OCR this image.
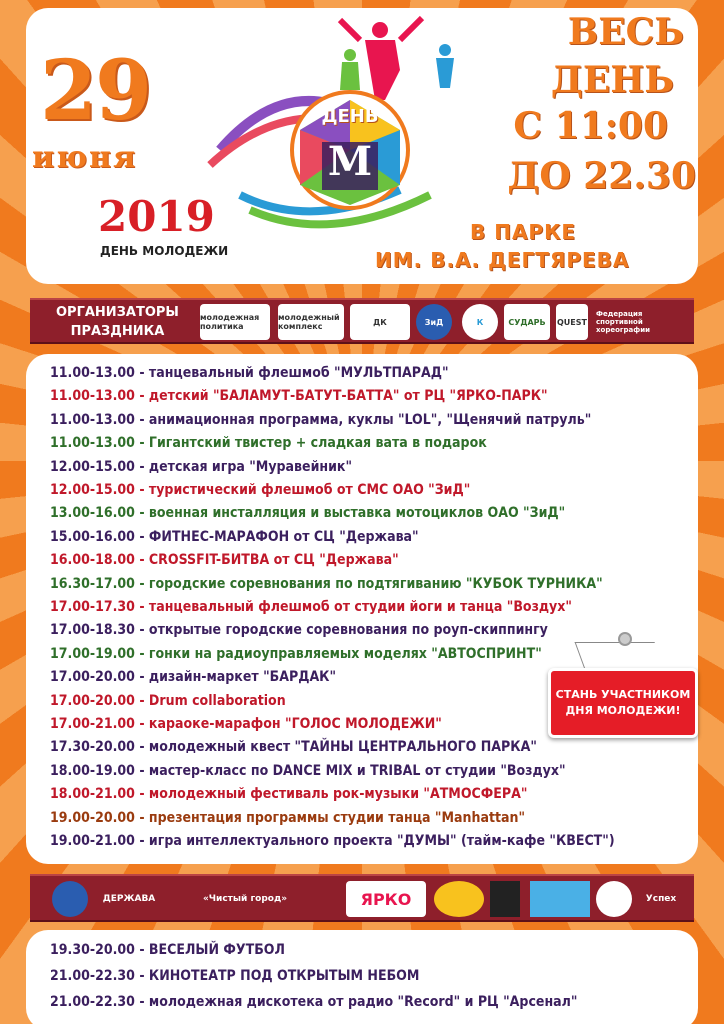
29
июня
2019
ДЕНЬ МОЛОДЕЖИ
ДЕНЬ
М
ВЕСЬ
ДЕНЬ
С 11:00
ДО 22.30
В ПАРКЕ
ИМ. В.А. ДЕГТЯРЕВА
ОРГАНИЗАТОРЫ
ПРАЗДНИКА
молодежная политика
молодежный комплекс	ДК	ЗиД	К	СУДАРЬ	QUEST
Федерация спортивной хореографии
11.00-13.00 - танцевальный флешмоб "МУЛЬТПАРАД"
11.00-13.00 - детский "БАЛАМУТ-БАТУТ-БАТТА" от РЦ "ЯРКО-ПАРК"
11.00-13.00 - анимационная программа, куклы "LOL", "Щенячий патруль"
11.00-13.00 - Гигантский твистер + сладкая вата в подарок
12.00-15.00 - детская игра "Муравейник"
12.00-15.00 - туристический флешмоб от СМС ОАО "ЗиД"
13.00-16.00 - военная инсталляция и выставка мотоциклов ОАО "ЗиД"
15.00-16.00 - ФИТНЕС-МАРАФОН от СЦ "Держава"
16.00-18.00 - CROSSFIT-БИТВА от СЦ "Держава"
16.30-17.00 - городские соревнования по подтягиванию "КУБОК ТУРНИКА"
17.00-17.30 - танцевальный флешмоб от студии йоги и танца "Воздух"
17.00-18.30 - открытые городские соревнования по роуп-скиппингу
17.00-19.00 - гонки на радиоуправляемых моделях "АВТОСПРИНТ"
17.00-20.00 - дизайн-маркет "БАРДАК"
17.00-20.00 - Drum collaboration
17.00-21.00 - караоке-марафон "ГОЛОС МОЛОДЕЖИ"
17.30-20.00 - молодежный квест "ТАЙНЫ ЦЕНТРАЛЬНОГО ПАРКА"
18.00-19.00 - мастер-класс по DANCE MIX и TRIBAL от студии "Воздух"
18.00-21.00 - молодежный фестиваль рок-музыки "АТМОСФЕРА"
19.00-20.00 - презентация программы студии танца "Manhattan"
19.00-21.00 - игра интеллектуального проекта "ДУМЫ" (тайм-кафе "КВЕСТ")
СТАНЬ УЧАСТНИКОМ
ДНЯ МОЛОДЕЖИ!
ДЕРЖАВА	«Чистый город»	ЯРКО	Успех
19.30-20.00 - ВЕСЕЛЫЙ ФУТБОЛ
21.00-22.30 - КИНОТЕАТР ПОД ОТКРЫТЫМ НЕБОМ
21.00-22.30 - молодежная дискотека от радио "Record" и РЦ "Арсенал"
